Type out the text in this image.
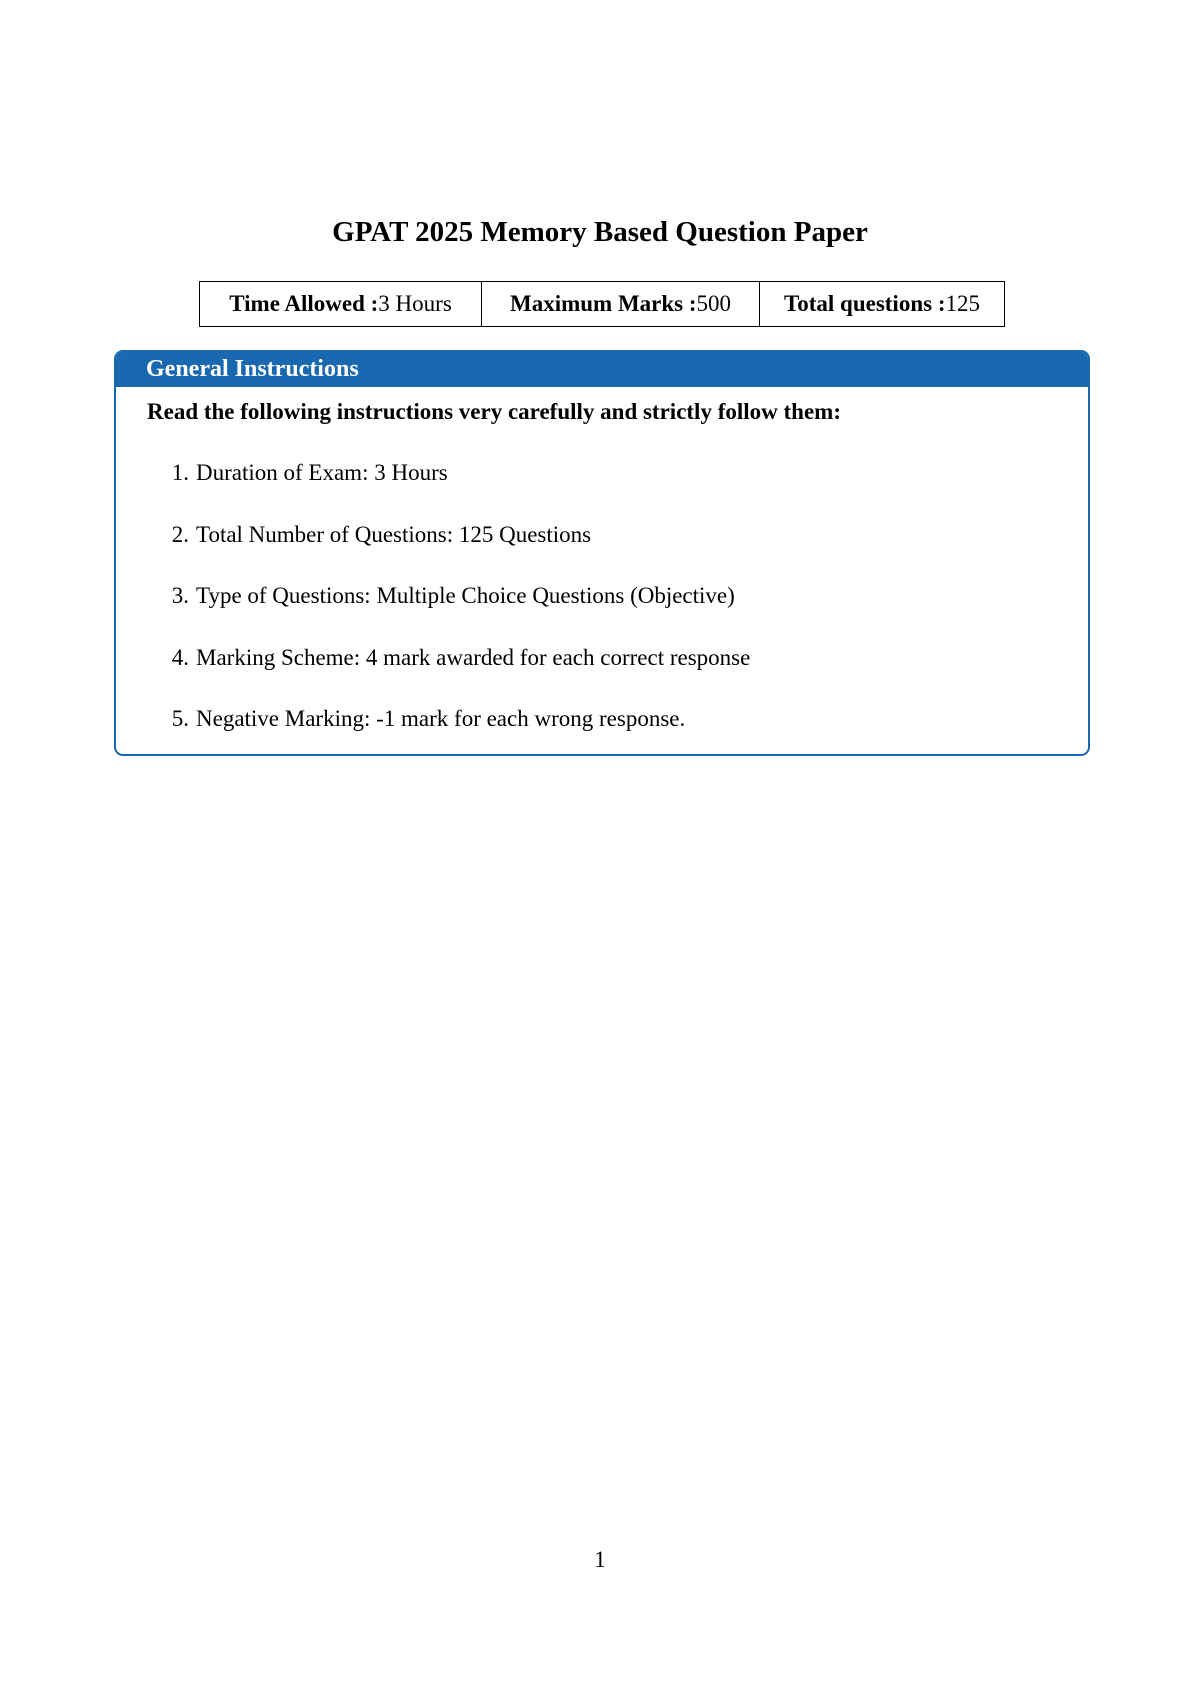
GPAT 2025 Memory Based Question Paper
Time Allowed : 3 Hours	Maximum Marks : 500 Total questions : 125
General Instructions
Read the following instructions very carefully and strictly follow them:
1. Duration of Exam: 3 Hours
2. Total Number of Questions: 125 Questions
3. Type of Questions: Multiple Choice Questions (Objective)
4. Marking Scheme: 4 mark awarded for each correct response
5. Negative Marking: -1 mark for each wrong response.
1
